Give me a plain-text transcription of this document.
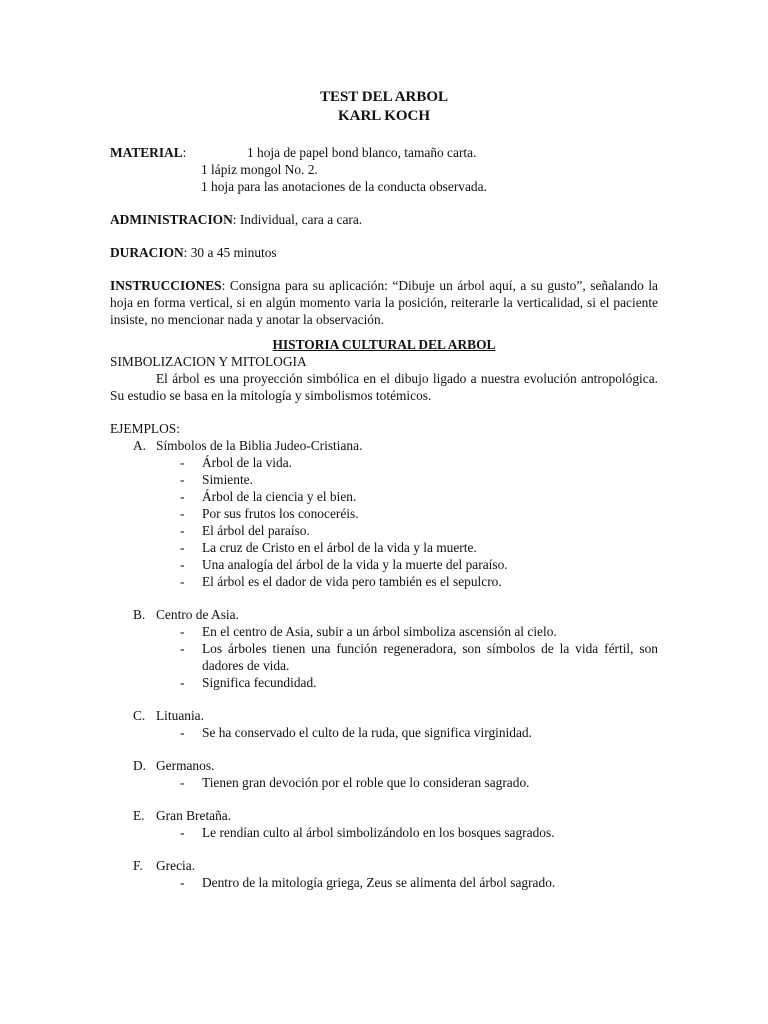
TEST DEL ARBOL
KARL KOCH
MATERIAL:	1 hoja de papel bond blanco, tamaño carta.
1 lápiz mongol No. 2.
1 hoja para las anotaciones de la conducta observada.
ADMINISTRACION: Individual, cara a cara.
DURACION: 30 a 45 minutos
INSTRUCCIONES: Consigna para su aplicación: “Dibuje un árbol aquí, a su gusto”, señalando la hoja en forma vertical, si en algún momento varia la posición, reiterarle la verticalidad, si el paciente insiste, no mencionar nada y anotar la observación.
HISTORIA CULTURAL DEL ARBOL
SIMBOLIZACION Y MITOLOGIA
El árbol es una proyección simbólica en el dibujo ligado a nuestra evolución antropológica. Su estudio se basa en la mitología y simbolismos totémicos.
EJEMPLOS:
A. Símbolos de la Biblia Judeo-Cristiana.
- Árbol de la vida.
- Simiente.
- Árbol de la ciencia y el bien.
- Por sus frutos los conoceréis.
- El árbol del paraíso.
- La cruz de Cristo en el árbol de la vida y la muerte.
- Una analogía del árbol de la vida y la muerte del paraíso.
- El árbol es el dador de vida pero también es el sepulcro.
B. Centro de Asia.
- En el centro de Asia, subir a un árbol simboliza ascensión al cielo.
- Los árboles tienen una función regeneradora, son símbolos de la vida fértil, son dadores de vida.
- Significa fecundidad.
C. Lituania.
- Se ha conservado el culto de la ruda, que significa virginidad.
D. Germanos.
- Tienen gran devoción por el roble que lo consideran sagrado.
E. Gran Bretaña.
- Le rendían culto al árbol simbolizándolo en los bosques sagrados.
F. Grecia.
- Dentro de la mitología griega, Zeus se alimenta del árbol sagrado.
